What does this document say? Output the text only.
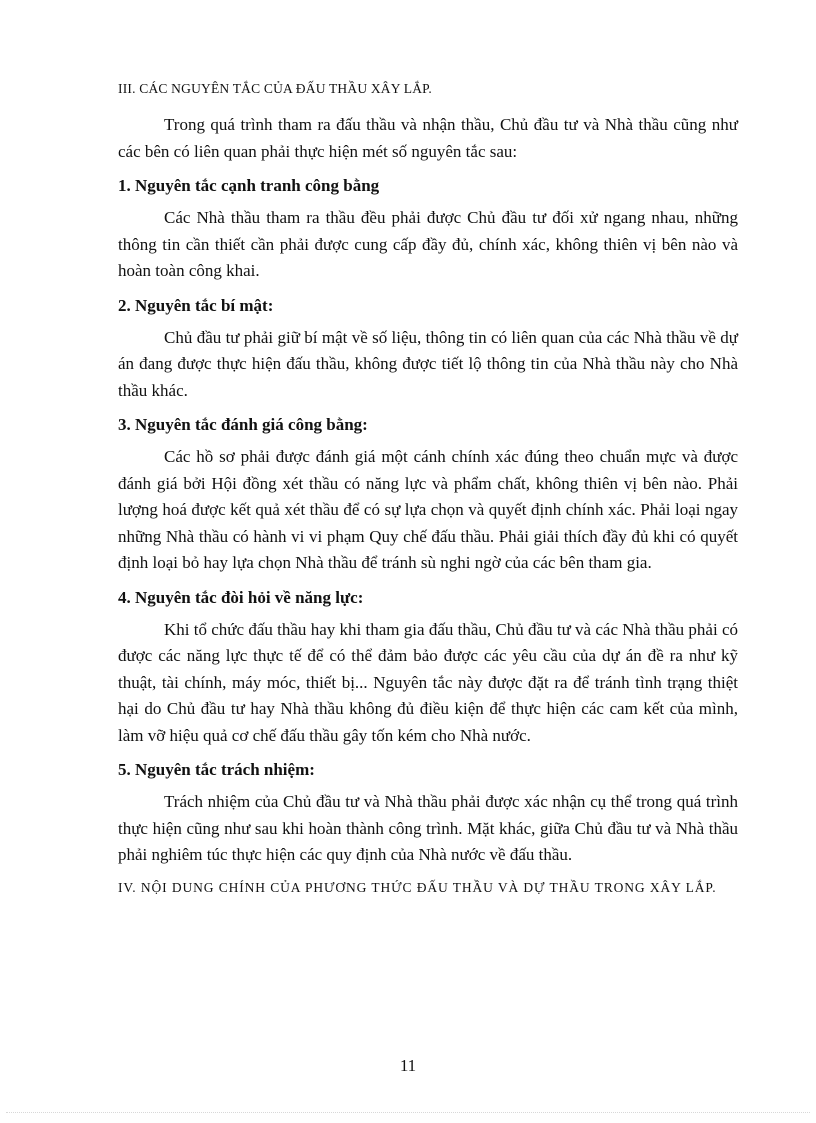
III. CÁC NGUYÊN TẮC CỦA ĐẤU THẦU XÂY LẮP.

Trong quá trình tham ra đấu thầu và nhận thầu, Chủ đầu tư và Nhà thầu cũng như các bên có liên quan phải thực hiện mét số nguyên tắc sau:

1. Nguyên tắc cạnh tranh công bằng

Các Nhà thầu tham ra thầu đều phải được Chủ đầu tư đối xử ngang nhau, những thông tin cần thiết cần phải được cung cấp đầy đủ, chính xác, không thiên vị bên nào và hoàn toàn công khai.

2. Nguyên tắc bí mật:

Chủ đầu tư phải giữ bí mật về số liệu, thông tin có liên quan của các Nhà thầu về dự án đang được thực hiện đấu thầu, không được tiết lộ thông tin của Nhà thầu này cho Nhà thầu khác.

3. Nguyên tắc đánh giá công bằng:

Các hồ sơ phải được đánh giá một cánh chính xác đúng theo chuẩn mực và được đánh giá bởi Hội đồng xét thầu có năng lực và phẩm chất, không thiên vị bên nào. Phải lượng hoá được kết quả xét thầu để có sự lựa chọn và quyết định chính xác. Phải loại ngay những Nhà thầu có hành vi vi phạm Quy chế đấu thầu. Phải giải thích đầy đủ khi có quyết định loại bỏ hay lựa chọn Nhà thầu để tránh sù nghi ngờ của các bên tham gia.

4. Nguyên tắc đòi hỏi về năng lực:

Khi tổ chức đấu thầu hay khi tham gia đấu thầu, Chủ đầu tư và các Nhà thầu phải có được các năng lực thực tế để có thể đảm bảo được các yêu cầu của dự án đề ra như kỹ thuật, tài chính, máy móc, thiết bị... Nguyên tắc này được đặt ra để tránh tình trạng thiệt hại do Chủ đầu tư hay Nhà thầu không đủ điều kiện để thực hiện các cam kết của mình, làm vỡ hiệu quả cơ chế đấu thầu gây tốn kém cho Nhà nước.

5. Nguyên tắc trách nhiệm:

Trách nhiệm của Chủ đầu tư và Nhà thầu phải được xác nhận cụ thể trong quá trình thực hiện cũng như sau khi hoàn thành công trình. Mặt khác, giữa Chủ đầu tư và Nhà thầu phải nghiêm túc thực hiện các quy định của Nhà nước về đấu thầu.

IV. NỘI DUNG CHÍNH CỦA PHƯƠNG THỨC ĐẤU THẦU VÀ DỰ THẦU TRONG XÂY LẮP.
11
